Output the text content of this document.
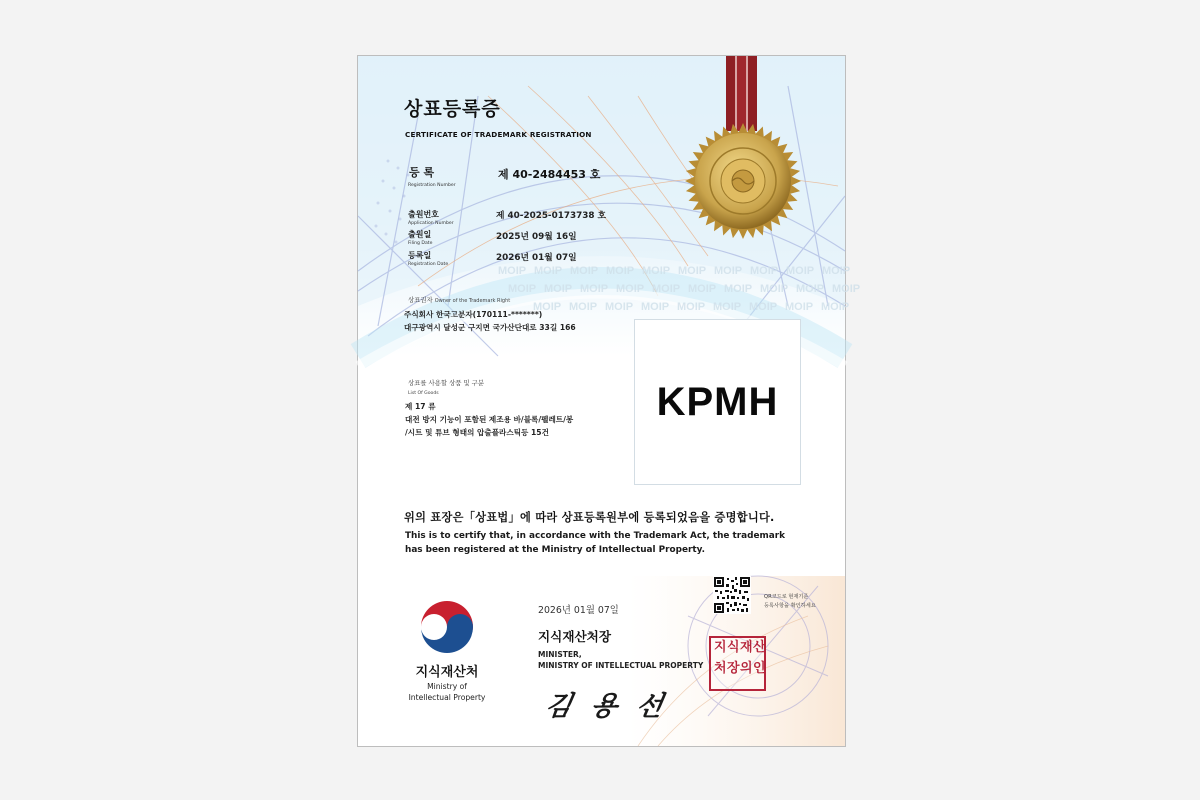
MOIP MOIP MOIP MOIP MOIP MOIP MOIP MOIP MOIP MOIP
MOIP MOIP MOIP MOIP MOIP MOIP MOIP MOIP MOIP MOIP
MOIP MOIP MOIP MOIP MOIP MOIP MOIP MOIP MOIP
상표등록증
CERTIFICATE OF TRADEMARK REGISTRATION
등 록
Registration Number
제 40-2484453 호
출원번호
Application Number
제 40-2025-0173738 호
출원일
Filing Date
2025년 09월 16일
등록일
Registration Date
2026년 01월 07일
상표권자 Owner of the Trademark Right
주식회사 한국고분자(170111-*******)
대구광역시 달성군 구지면 국가산단대로 33길 166
상표를 사용할 상품 및 구분
List Of Goods
제 17 류
대전 방지 기능이 포함된 제조용 바/블록/펠레트/봉
/시트 및 튜브 형태의 압출플라스틱등 15건
KPMH
위의 표장은「상표법」에 따라 상표등록원부에 등록되었음을 증명합니다.
This is to certify that, in accordance with the Trademark Act, the trademark
has been registered at the Ministry of Intellectual Property.
QR코드로 현재기준
등록사항을 확인하세요
2026년 01월 07일
지식재산처장
MINISTER,
MINISTRY OF INTELLECTUAL PROPERTY
지 식 재 산
처 장 의 인
김 용 선
지식재산처
Ministry of
Intellectual Property
